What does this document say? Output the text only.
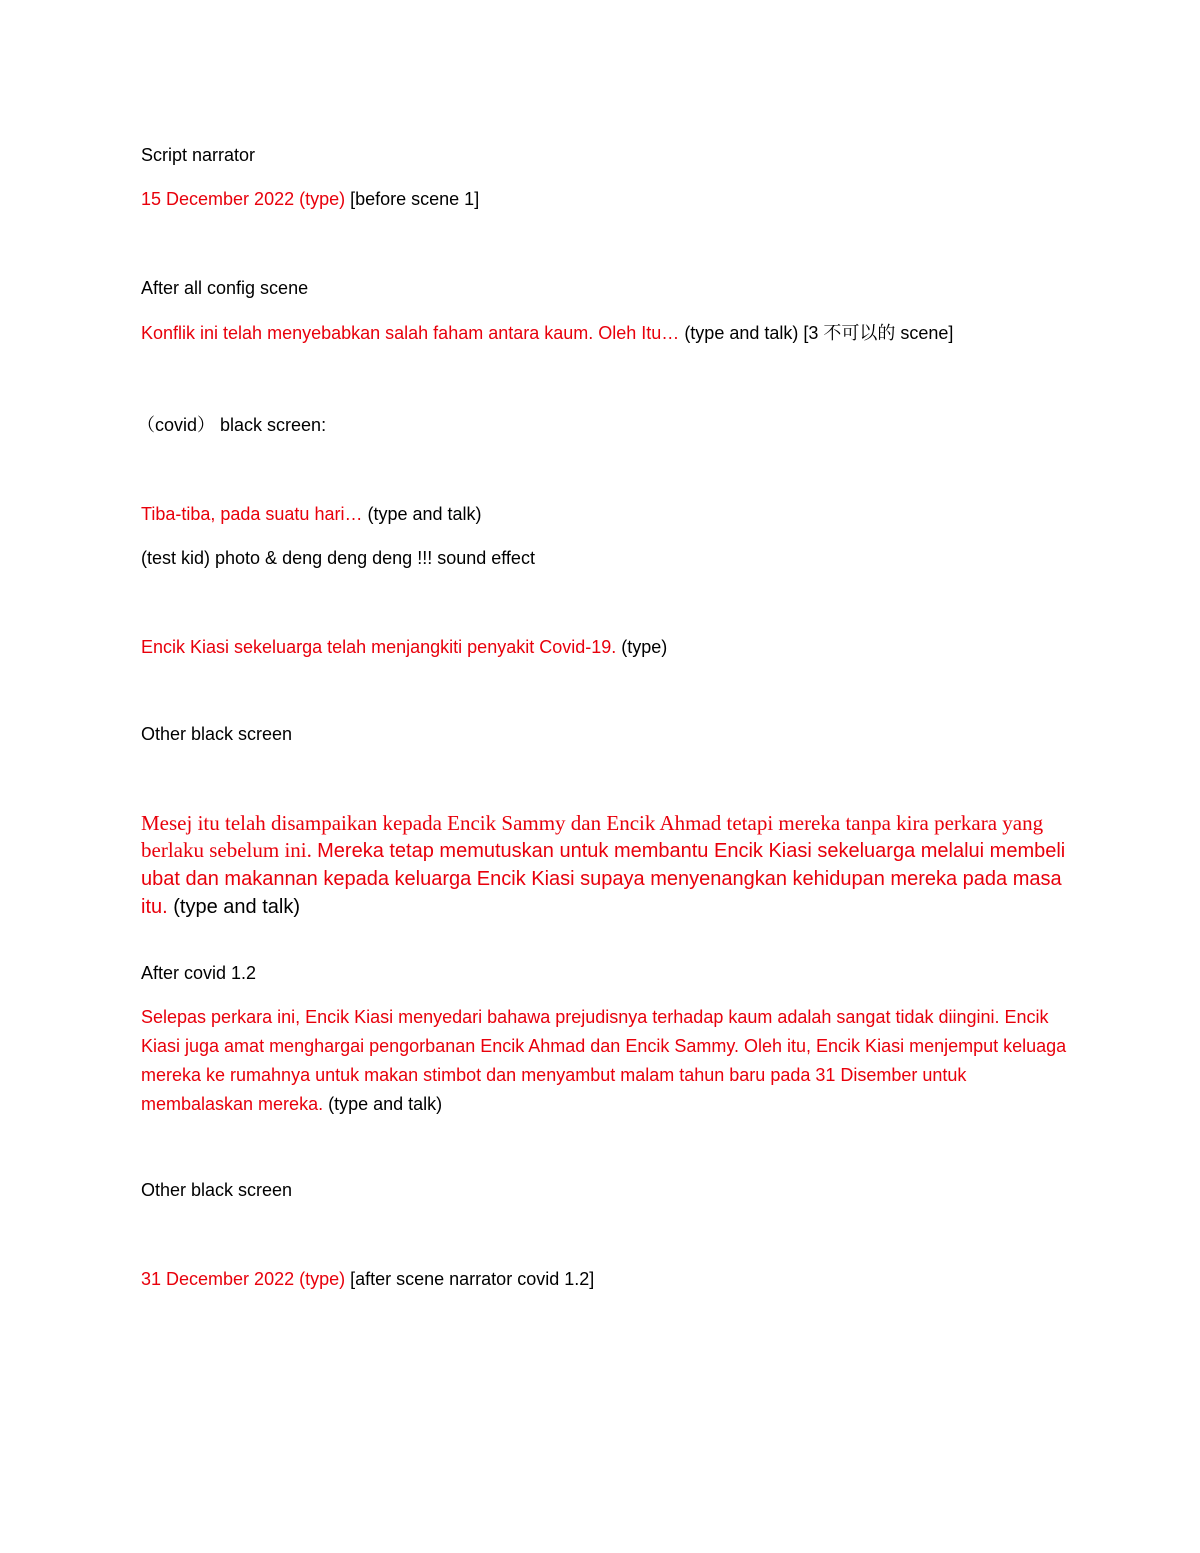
Script narrator

15 December 2022 (type) [before scene 1]

After all config scene

Konflik ini telah menyebabkan salah faham antara kaum. Oleh Itu… (type and talk) [3 不可以的 scene]

（covid） black screen:

Tiba-tiba, pada suatu hari… (type and talk)

(test kid) photo & deng deng deng !!! sound effect

Encik Kiasi sekeluarga telah menjangkiti penyakit Covid-19. (type)

Other black screen

Mesej itu telah disampaikan kepada Encik Sammy dan Encik Ahmad tetapi mereka tanpa kira perkara yang berlaku sebelum ini. Mereka tetap memutuskan untuk membantu Encik Kiasi sekeluarga melalui membeli ubat dan makannan kepada keluarga Encik Kiasi supaya menyenangkan kehidupan mereka pada masa itu. (type and talk)

After covid 1.2

Selepas perkara ini, Encik Kiasi menyedari bahawa prejudisnya terhadap kaum adalah sangat tidak diingini. Encik Kiasi juga amat menghargai pengorbanan Encik Ahmad dan Encik Sammy. Oleh itu, Encik Kiasi menjemput keluaga mereka ke rumahnya untuk makan stimbot dan menyambut malam tahun baru pada 31 Disember untuk membalaskan mereka. (type and talk)

Other black screen

31 December 2022 (type) [after scene narrator covid 1.2]
